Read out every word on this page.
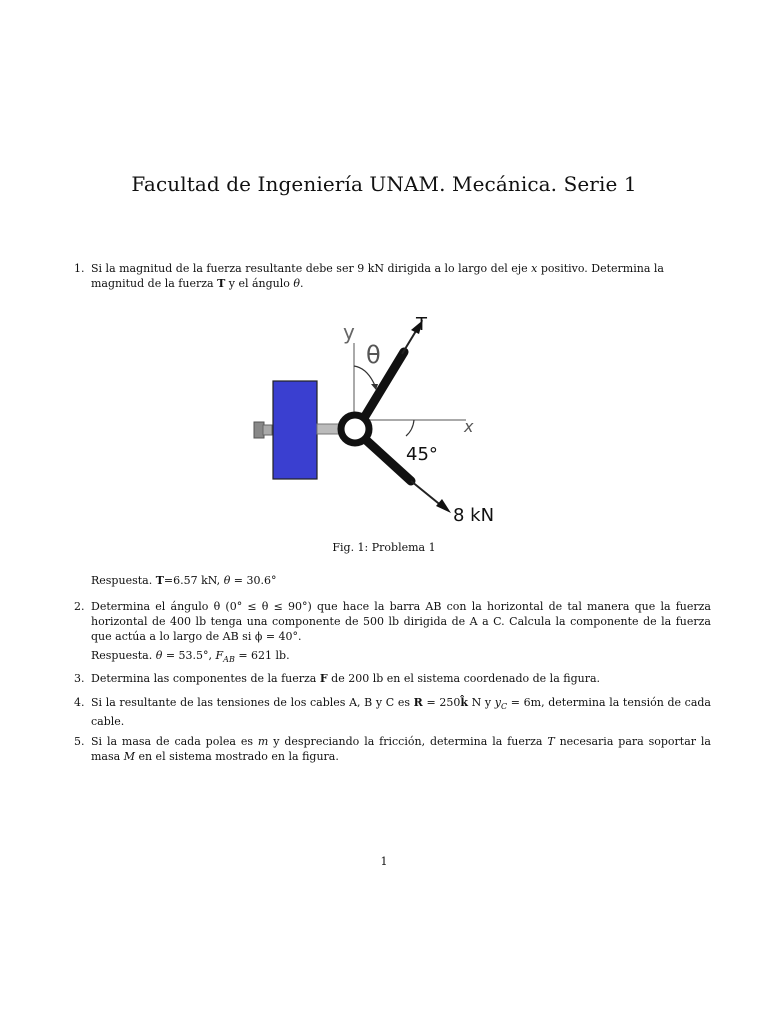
Facultad de Ingeniería UNAM. Mecánica. Serie 1
1. Si la magnitud de la fuerza resultante debe ser 9 kN dirigida a lo largo del eje x positivo. Determina la magnitud de la fuerza T y el ángulo θ.

T
y
θ
x
45°
8 kN
Fig. 1: Problema 1

Respuesta. T=6.57 kN, θ = 30.6°

2. Determina el ángulo θ (0° ≤ θ ≤ 90°) que hace la barra AB con la horizontal de tal manera que la fuerza horizontal de 400 lb tenga una componente de 500 lb dirigida de A a C. Calcula la componente de la fuerza que actúa a lo largo de AB si ϕ = 40°.

Respuesta. θ = 53.5°, $F_{AB} = 621$ lb.

3. Determina las componentes de la fuerza F de 200 lb en el sistema coordenado de la figura.

4. Si la resultante de las tensiones de los cables A, B y C es R = 250k̂ N y $y_C = 6m$, determina la tensión de cada cable.

5. Si la masa de cada polea es m y despreciando la fricción, determina la fuerza T necesaria para soportar la masa M en el sistema mostrado en la figura.

1
